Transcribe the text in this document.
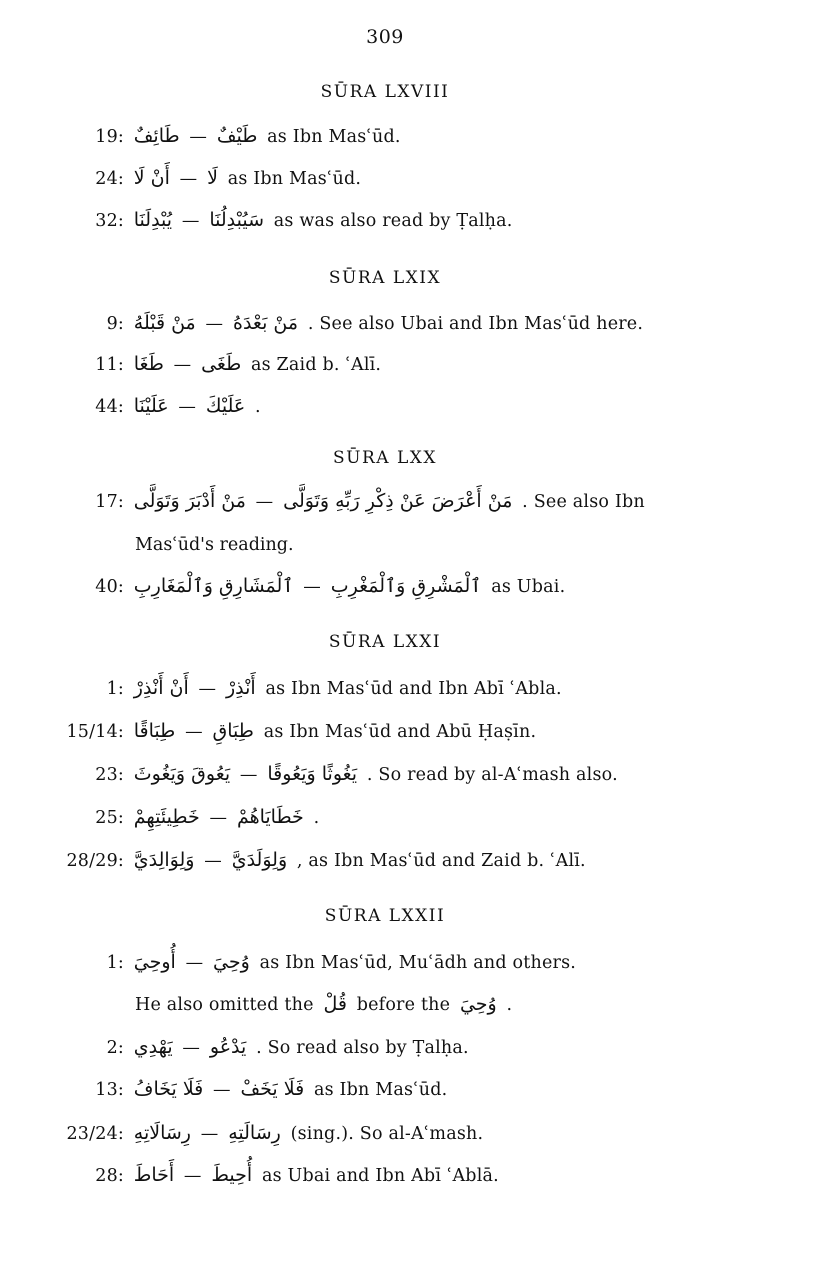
309
SŪRA LXVIII
19: طَائِفٌ — طَيْفٌ as Ibn Masʿūd.
24: أَنْ لَا — لَا as Ibn Masʿūd.
32: يُبْدِلَنَا — سَيُبْدِلُنَا as was also read by Ṭalḥa.
SŪRA LXIX
9: مَنْ قَبْلَهُ — مَنْ بَعْدَهُ . See also Ubai and Ibn Masʿūd here.
11: طَغَا — طَغَى as Zaid b. ʿAlī.
44: عَلَيْنَا — عَلَيْكَ .
SŪRA LXX
17: مَنْ أَدْبَرَ وَتَوَلَّى — مَنْ أَعْرَضَ عَنْ ذِكْرِ رَبِّهِ وَتَوَلَّى . See also Ibn
Masʿūd's reading.
40: ٱلْمَشَارِقِ وَٱلْمَغَارِبِ — ٱلْمَشْرِقِ وَٱلْمَغْرِبِ as Ubai.
SŪRA LXXI
1: أَنْ أَنْذِرْ — أَنْذِرْ as Ibn Masʿūd and Ibn Abī ʿAbla.
15/14: طِبَاقًا — طِبَاقِ as Ibn Masʿūd and Abū Ḥaṣīn.
23: يَعُوقَ وَيَغُوثَ — يَغُوثًا وَيَعُوقًا . So read by al-Aʿmash also.
25: خَطِيئَتِهِمْ — خَطَايَاهُمْ .
28/29: وَلِوَالِدَيَّ — وَلِوَلَدَيَّ , as Ibn Masʿūd and Zaid b. ʿAlī.
SŪRA LXXII
1: أُوحِيَ — وُحِيَ as Ibn Masʿūd, Muʿādh and others.
He also omitted the قُلْ before the وُحِيَ .
2: يَهْدِي — يَدْعُو . So read also by Ṭalḥa.
13: فَلَا يَخَافُ — فَلَا يَخَفْ as Ibn Masʿūd.
23/24: رِسَالَاتِهِ — رِسَالَتِهِ (sing.). So al-Aʿmash.
28: أَحَاطَ — أُحِيطَ as Ubai and Ibn Abī ʿAblā.
